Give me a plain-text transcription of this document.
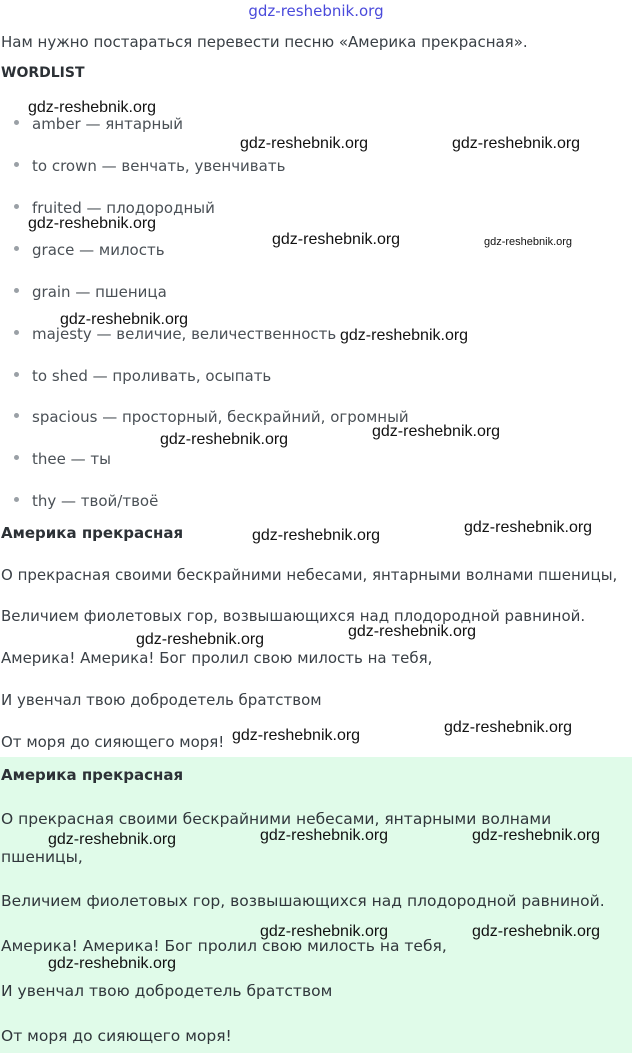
gdz-reshebnik.org
Нам нужно постараться перевести песню «Америка прекрасная».
WORDLIST
amber — янтарный
to crown — венчать, увенчивать
fruited — плодородный
grace — милость
grain — пшеница
majesty — величие, величественность
to shed — проливать, осыпать
spacious — просторный, бескрайний, огромный
thee — ты
thy — твой/твоё
Америка прекрасная
О прекрасная своими бескрайними небесами, янтарными волнами пшеницы,
Величием фиолетовых гор, возвышающихся над плодородной равниной.
Америка! Америка! Бог пролил свою милость на тебя,
И увенчал твою добродетель братством
От моря до сияющего моря!
Америка прекрасная
О прекрасная своими бескрайними небесами, янтарными волнами
пшеницы,
Величием фиолетовых гор, возвышающихся над плодородной равниной.
Америка! Америка! Бог пролил свою милость на тебя,
И увенчал твою добродетель братством
От моря до сияющего моря!
gdz-reshebnik.org
gdz-reshebnik.org	gdz-reshebnik.org
gdz-reshebnik.org
gdz-reshebnik.org	gdz-reshebnik.org
gdz-reshebnik.org
gdz-reshebnik.org
gdz-reshebnik.org	gdz-reshebnik.org
gdz-reshebnik.org	gdz-reshebnik.org
gdz-reshebnik.org	gdz-reshebnik.org
gdz-reshebnik.org	gdz-reshebnik.org
gdz-reshebnik.org	gdz-reshebnik.org	gdz-reshebnik.org
gdz-reshebnik.org	gdz-reshebnik.org
gdz-reshebnik.org
